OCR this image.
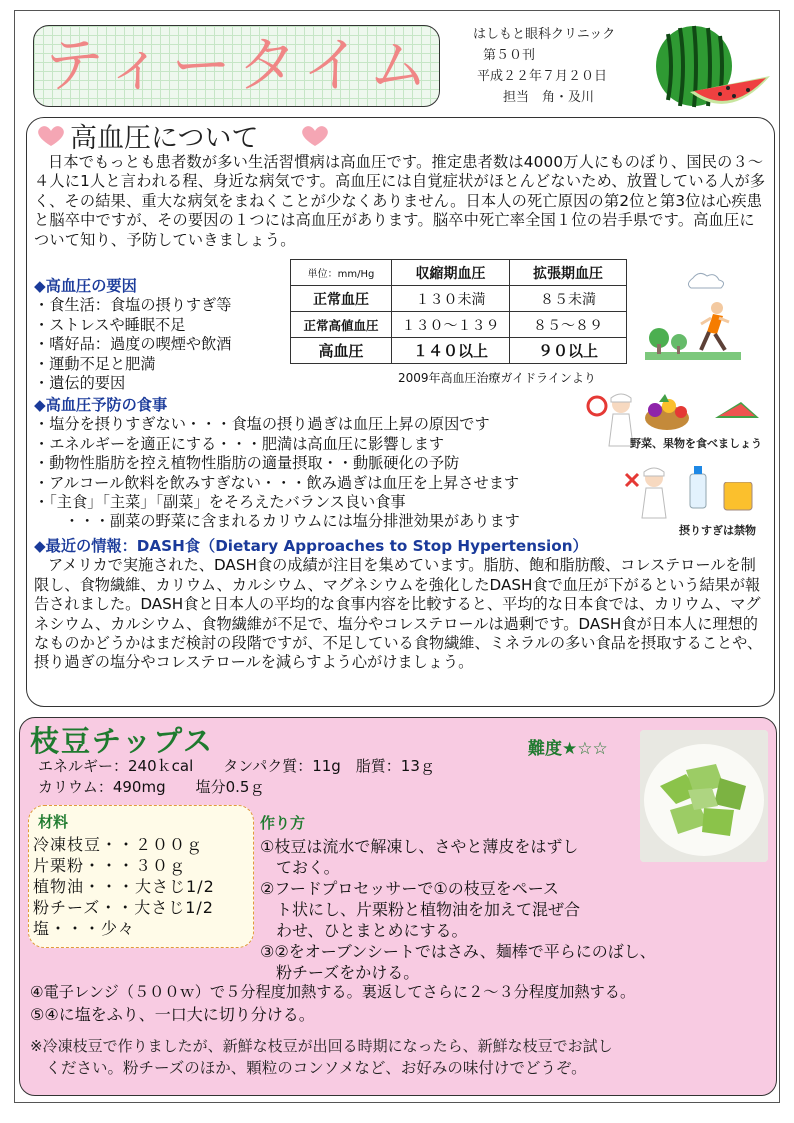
ティータイム	はしもと眼科クリニック
第５０刊
平成２２年７月２０日
担当　角・及川
高血圧について
日本でもっとも患者数が多い生活習慣病は高血圧です。推定患者数は4000万人にものぼり、国民の３～４人に1人と言われる程、身近な病気です。高血圧には自覚症状がほとんどないため、放置している人が多く、その結果、重大な病気をまねくことが少なくありません。日本人の死亡原因の第2位と第3位は心疾患と脳卒中ですが、その要因の１つには高血圧があります。脳卒中死亡率全国１位の岩手県です。高血圧について知り、予防していきましょう。
◆高血圧の要因
・食生活：食塩の摂りすぎ等
・ストレスや睡眠不足
・嗜好品：過度の喫煙や飲酒
・運動不足と肥満
・遺伝的要因
単位：mm/Hg	収縮期血圧	拡張期血圧
正常血圧	１３０未満	８５未満
正常高値血圧	１３０～１３９	８５～８９
高血圧	１４０以上	９０以上
2009年高血圧治療ガイドラインより
◆高血圧予防の食事
・塩分を摂りすぎない・・・食塩の摂り過ぎは血圧上昇の原因です
・エネルギーを適正にする・・・肥満は高血圧に影響します
・動物性脂肪を控え植物性脂肪の適量摂取・・動脈硬化の予防
・アルコール飲料を飲みすぎない・・・飲み過ぎは血圧を上昇させます
・「主食」「主菜」「副菜」をそろえたバランス良い食事
　　・・・副菜の野菜に含まれるカリウムには塩分排泄効果があります
野菜、果物を食べましょう
摂りすぎは禁物
◆最近の情報：DASH食（Dietary Approaches to Stop Hypertension）
アメリカで実施された、DASH食の成績が注目を集めています。脂肪、飽和脂肪酸、コレステロールを制限し、食物繊維、カリウム、カルシウム、マグネシウムを強化したDASH食で血圧が下がるという結果が報告されました。DASH食と日本人の平均的な食事内容を比較すると、平均的な日本食では、カリウム、マグネシウム、カルシウム、食物繊維が不足で、塩分やコレステロールは過剰です。DASH食が日本人に理想的なものかどうかはまだ検討の段階ですが、不足している食物繊維、ミネラルの多い食品を摂取することや、摂り過ぎの塩分やコレステロールを減らすよう心がけましょう。
枝豆チップス	難度★☆☆
エネルギー：240ｋcal　　タンパク質：11g　脂質：13ｇ
カリウム：490mg　　塩分0.5ｇ
材料
冷凍枝豆・・２００ｇ
片栗粉・・・３０ｇ
植物油・・・大さじ1/2
粉チーズ・・大さじ1/2
塩・・・少々
作り方
①枝豆は流水で解凍し、さやと薄皮をはずし
　ておく。
②フードプロセッサーで①の枝豆をペース
　ト状にし、片栗粉と植物油を加えて混ぜ合
　わせ、ひとまとめにする。
③②をオーブンシートではさみ、麺棒で平らにのばし、
　粉チーズをかける。
④電子レンジ（５００ｗ）で５分程度加熱する。裏返してさらに２～３分程度加熱する。
⑤④に塩をふり、一口大に切り分ける。
※冷凍枝豆で作りましたが、新鮮な枝豆が出回る時期になったら、新鮮な枝豆でお試し
　ください。粉チーズのほか、顆粒のコンソメなど、お好みの味付けでどうぞ。
